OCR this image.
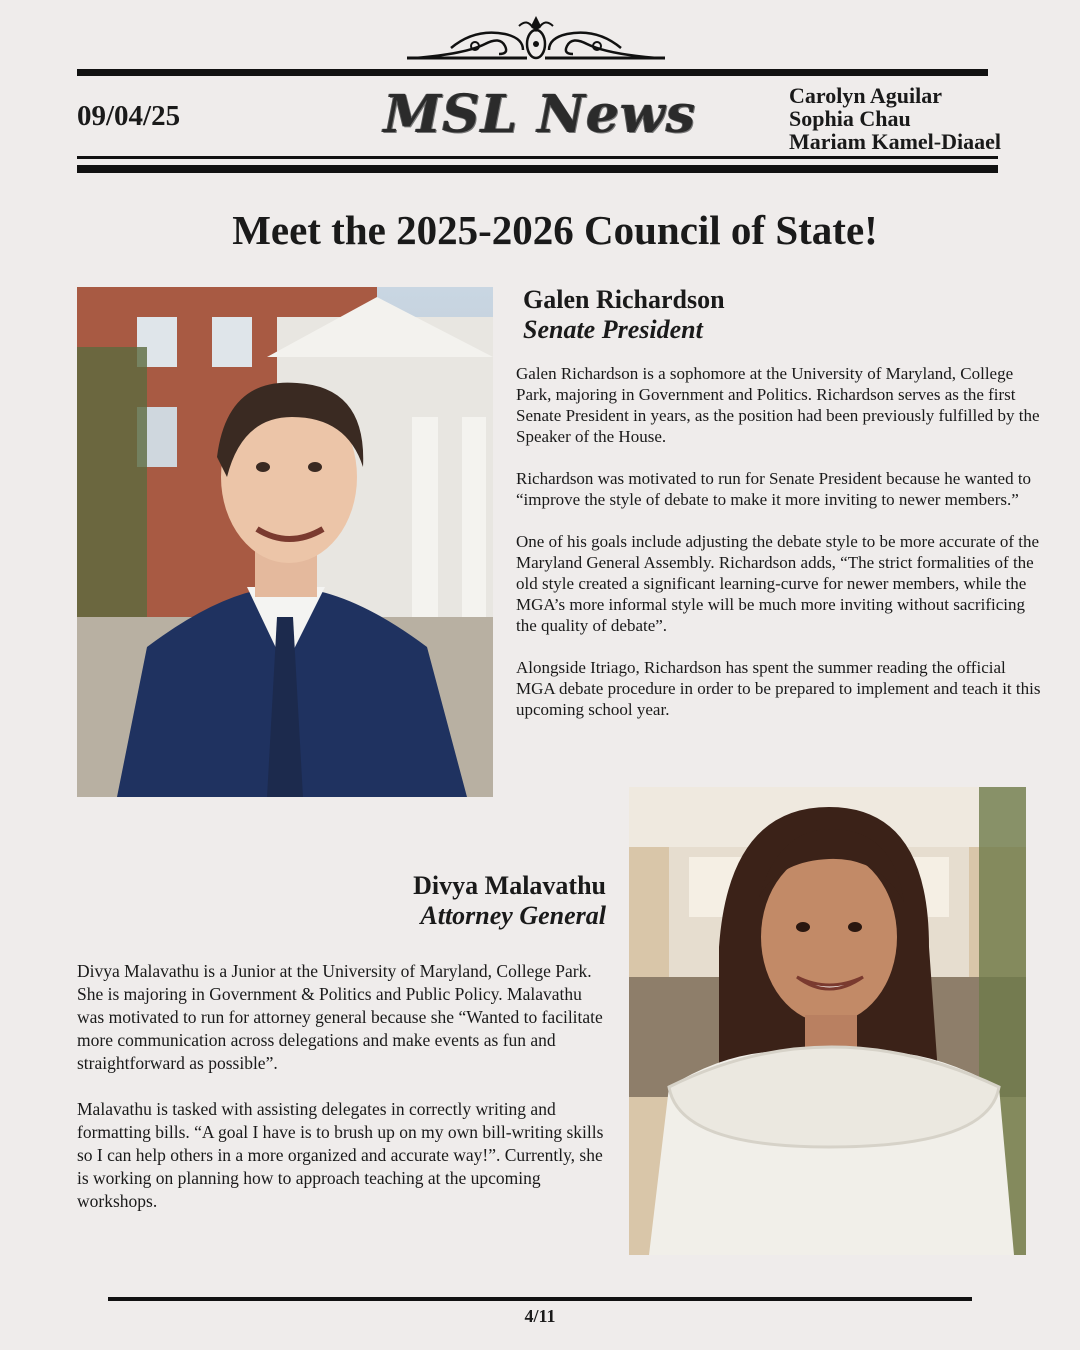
09/04/25	MSL News	Carolyn Aguilar
Sophia Chau
Mariam Kamel-Diaael
Meet the 2025-2026 Council of State!
Galen Richardson
Senate President

Galen Richardson is a sophomore at the University of Maryland, College Park, majoring in Government and Politics. Richardson serves as the first Senate President in years, as the position had been previously fulfilled by the Speaker of the House.

Richardson was motivated to run for Senate President because he wanted to “improve the style of debate to make it more inviting to newer members.”

One of his goals include adjusting the debate style to be more accurate of the Maryland General Assembly. Richardson adds, “The strict formalities of the old style created a significant learning-curve for newer members, while the MGA’s more informal style will be much more inviting without sacrificing the quality of debate”.

Alongside Itriago, Richardson has spent the summer reading the official MGA debate procedure in order to be prepared to implement and teach it this upcoming school year.

Divya Malavathu
Attorney General

Divya Malavathu is a Junior at the University of Maryland, College Park. She is majoring in Government & Politics and Public Policy. Malavathu was motivated to run for attorney general because she “Wanted to facilitate more communication across delegations and make events as fun and straightforward as possible”.

Malavathu is tasked with assisting delegates in correctly writing and formatting bills. “A goal I have is to brush up on my own bill-writing skills so I can help others in a more organized and accurate way!”. Currently, she is working on planning how to approach teaching at the upcoming workshops.

4/11
